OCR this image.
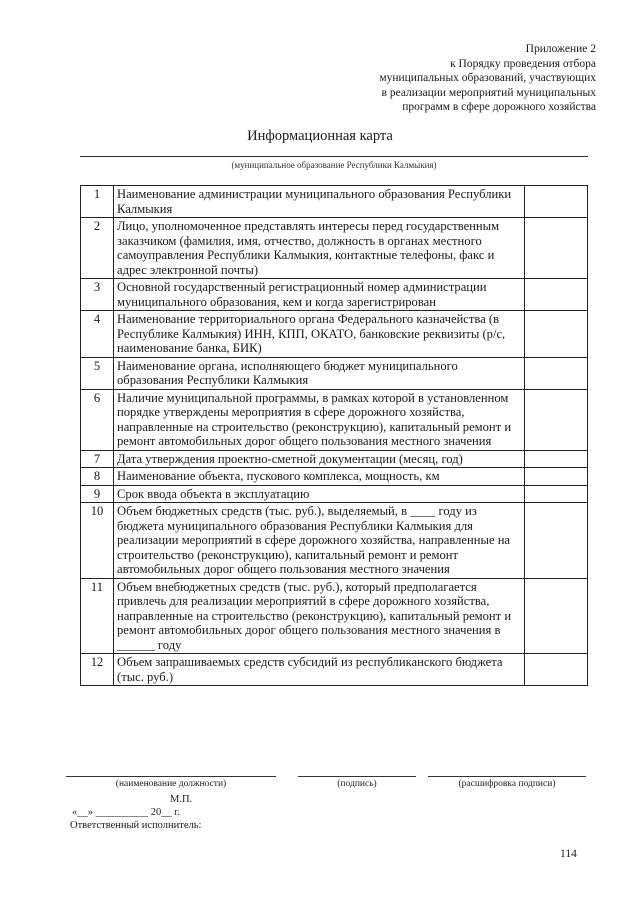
Приложение 2
к Порядку проведения отбора
муниципальных образований, участвующих
в реализации мероприятий муниципальных
программ в сфере дорожного хозяйства
Информационная карта
(муниципальное образование Республики Калмыкия)
1	Наименование администрации муниципального образования Республики Калмыкия	
2	Лицо, уполномоченное представлять интересы перед государственным заказчиком (фамилия, имя, отчество, должность в органах местного самоуправления Республики Калмыкия, контактные телефоны, факс и адрес электронной почты)	
3	Основной государственный регистрационный номер администрации муниципального образования, кем и когда зарегистрирован	
4	Наименование территориального органа Федерального казначейства (в Республике Калмыкия) ИНН, КПП, ОКАТО, банковские реквизиты (р/с, наименование банка, БИК)	
5	Наименование органа, исполняющего бюджет муниципального образования Республики Калмыкия	
6	Наличие муниципальной программы, в рамках которой в установленном порядке утверждены мероприятия в сфере дорожного хозяйства, направленные на строительство (реконструкцию), капитальный ремонт и ремонт автомобильных дорог общего пользования местного значения	
7	Дата утверждения проектно-сметной документации (месяц, год)	
8	Наименование объекта, пускового комплекса, мощность, км	
9	Срок ввода объекта в эксплуатацию	
10	Объем бюджетных средств (тыс. руб.), выделяемый, в ____ году из бюджета муниципального образования Республики Калмыкия для реализации мероприятий в сфере дорожного хозяйства, направленные на строительство (реконструкцию), капитальный ремонт и ремонт автомобильных дорог общего пользования местного значения	
11	Объем внебюджетных средств (тыс. руб.), который предполагается привлечь для реализации мероприятий в сфере дорожного хозяйства, направленные на строительство (реконструкцию), капитальный ремонт и ремонт автомобильных дорог общего пользования местного значения в ______ году	
12	Объем запрашиваемых средств субсидий из республиканского бюджета (тыс. руб.)	
(наименование должности)	(подпись)	(расшифровка подписи)
М.П.
«__» __________ 20__ г.
Ответственный исполнитель:
114
